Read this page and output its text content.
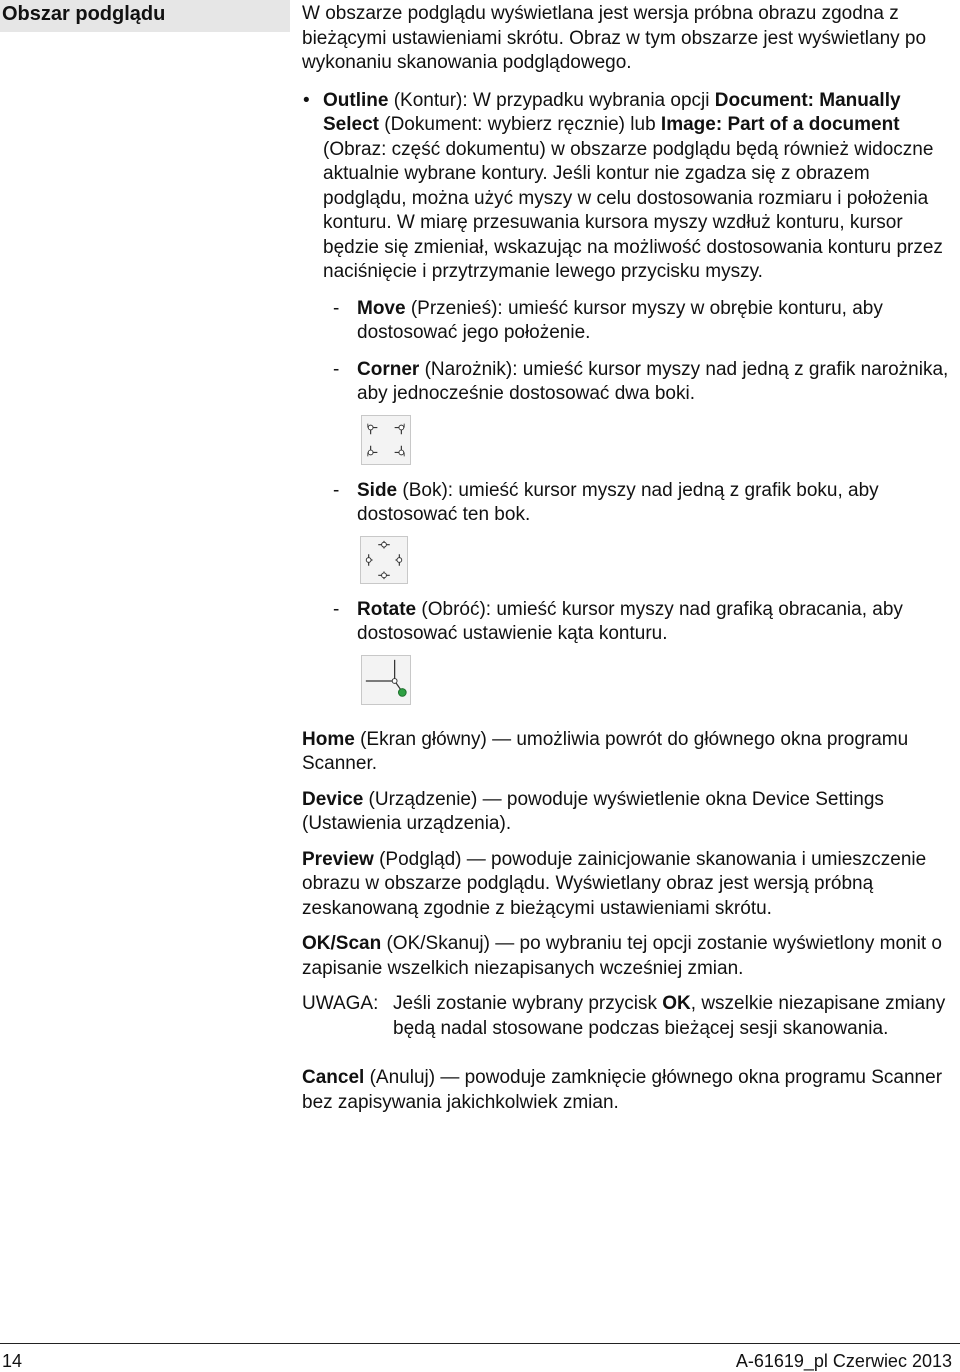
Obszar podglądu	W obszarze podglądu wyświetlana jest wersja próbna obrazu zgodna z bieżącymi ustawieniami skrótu. Obraz w tym obszarze jest wyświetlany po wykonaniu skanowania podglądowego.

• Outline (Kontur): W przypadku wybrania opcji Document: Manually Select (Dokument: wybierz ręcznie) lub Image: Part of a document (Obraz: część dokumentu) w obszarze podglądu będą również widoczne aktualnie wybrane kontury. Jeśli kontur nie zgadza się z obrazem podglądu, można użyć myszy w celu dostosowania rozmiaru i położenia konturu. W miarę przesuwania kursora myszy wzdłuż konturu, kursor będzie się zmieniał, wskazując na możliwość dostosowania konturu przez naciśnięcie i przytrzymanie lewego przycisku myszy.
- Move (Przenieś): umieść kursor myszy w obrębie konturu, aby dostosować jego położenie.
- Corner (Narożnik): umieść kursor myszy nad jedną z grafik narożnika, aby jednocześnie dostosować dwa boki.
- Side (Bok): umieść kursor myszy nad jedną z grafik boku, aby dostosować ten bok.
- Rotate (Obróć): umieść kursor myszy nad grafiką obracania, aby dostosować ustawienie kąta konturu.

Home (Ekran główny) — umożliwia powrót do głównego okna programu Scanner.

Device (Urządzenie) — powoduje wyświetlenie okna Device Settings (Ustawienia urządzenia).

Preview (Podgląd) — powoduje zainicjowanie skanowania i umieszczenie obrazu w obszarze podglądu. Wyświetlany obraz jest wersją próbną zeskanowaną zgodnie z bieżącymi ustawieniami skrótu.

OK/Scan (OK/Skanuj) — po wybraniu tej opcji zostanie wyświetlony monit o zapisanie wszelkich niezapisanych wcześniej zmian.

UWAGA: Jeśli zostanie wybrany przycisk OK, wszelkie niezapisane zmiany będą nadal stosowane podczas bieżącej sesji skanowania.

Cancel (Anuluj) — powoduje zamknięcie głównego okna programu Scanner bez zapisywania jakichkolwiek zmian.

14	A-61619_pl Czerwiec 2013
